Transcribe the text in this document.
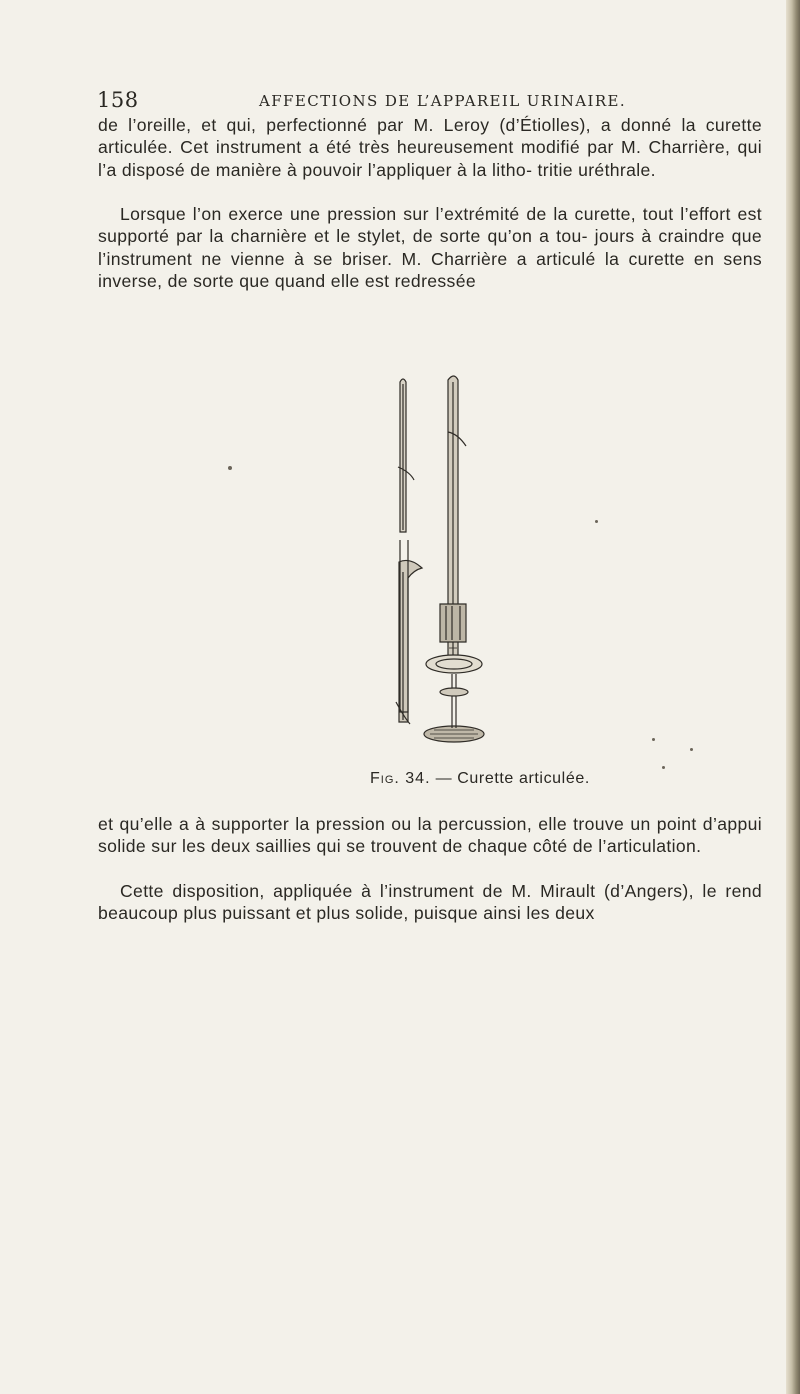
158	AFFECTIONS DE L’APPAREIL URINAIRE.

de l’oreille, et qui, perfectionné par M. Leroy (d’Étiolles), a donné la curette articulée. Cet instrument a été très heureusement modifié par M. Charrière, qui l’a disposé de manière à pouvoir l’appliquer à la litho- tritie uréthrale.

Lorsque l’on exerce une pression sur l’extrémité de la curette, tout l’effort est supporté par la charnière et le stylet, de sorte qu’on a tou- jours à craindre que l’instrument ne vienne à se briser. M. Charrière a articulé la curette en sens inverse, de sorte que quand elle est redressée

Fig. 34. — Curette articulée.

et qu’elle a à supporter la pression ou la percussion, elle trouve un point d’appui solide sur les deux saillies qui se trouvent de chaque côté de l’articulation.

Cette disposition, appliquée à l’instrument de M. Mirault (d’Angers), le rend beaucoup plus puissant et plus solide, puisque ainsi les deux
